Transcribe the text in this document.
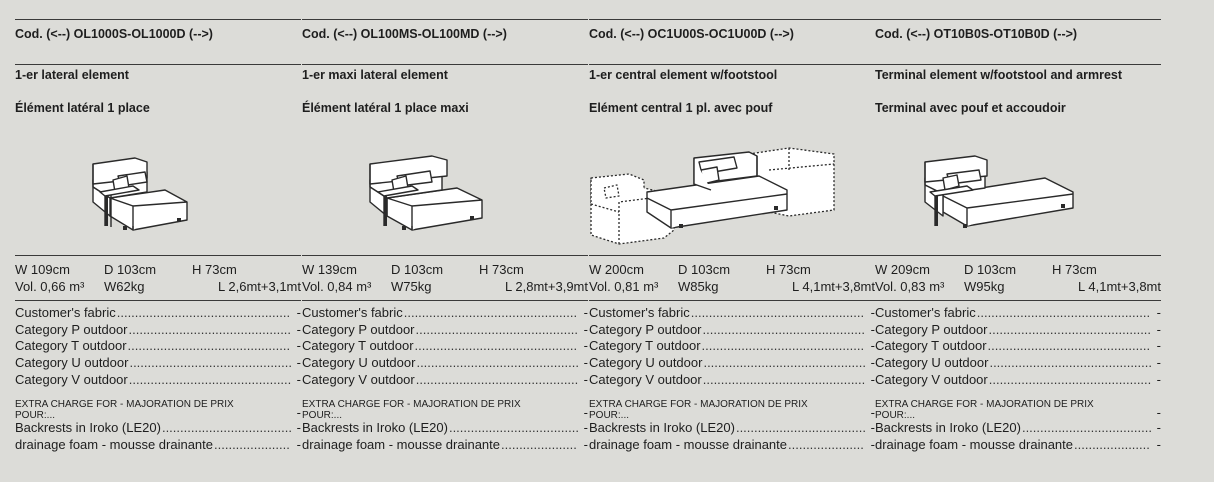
Cod. (<--) OL1000S-OL1000D (-->)
1-er lateral element
Élément latéral 1 place
W 109cm	D 103cm	H 73cm
Vol. 0,66 m³ W62kg	L 2,6mt+3,1mt
Customer's fabric .....	-
Category P outdoor .....	-
Category T outdoor .....	-
Category U outdoor .....	-
Category V outdoor .....	-
EXTRA CHARGE FOR - MAJORATION DE PRIX POUR:...	-
Backrests in Iroko (LE20) .....	-
drainage foam - mousse drainante .....	-
Cod. (<--) OL100MS-OL100MD (-->)
1-er maxi lateral element
Élément latéral 1 place maxi
W 139cm	D 103cm	H 73cm
Vol. 0,84 m³ W75kg	L 2,8mt+3,9mt
Customer's fabric .....	-
Category P outdoor .....	-
Category T outdoor .....	-
Category U outdoor .....	-
Category V outdoor .....	-
EXTRA CHARGE FOR - MAJORATION DE PRIX POUR:...	-
Backrests in Iroko (LE20) .....	-
drainage foam - mousse drainante .....	-
Cod. (<--) OC1U00S-OC1U00D (-->)
1-er central element w/footstool
Elément central 1 pl. avec pouf
W 200cm	D 103cm	H 73cm
Vol. 0,81 m³ W85kg	L 4,1mt+3,8mt
Customer's fabric .....	-
Category P outdoor .....	-
Category T outdoor .....	-
Category U outdoor .....	-
Category V outdoor .....	-
EXTRA CHARGE FOR - MAJORATION DE PRIX POUR:...	-
Backrests in Iroko (LE20) .....	-
drainage foam - mousse drainante .....	-
Cod. (<--) OT10B0S-OT10B0D (-->)
Terminal element w/footstool and armrest
Terminal avec pouf et accoudoir
W 209cm	D 103cm	H 73cm
Vol. 0,83 m³ W95kg	L 4,1mt+3,8mt
Customer's fabric .....	-
Category P outdoor .....	-
Category T outdoor .....	-
Category U outdoor .....	-
Category V outdoor .....	-
EXTRA CHARGE FOR - MAJORATION DE PRIX POUR:...	-
Backrests in Iroko (LE20) .....	-
drainage foam - mousse drainante .....	-
